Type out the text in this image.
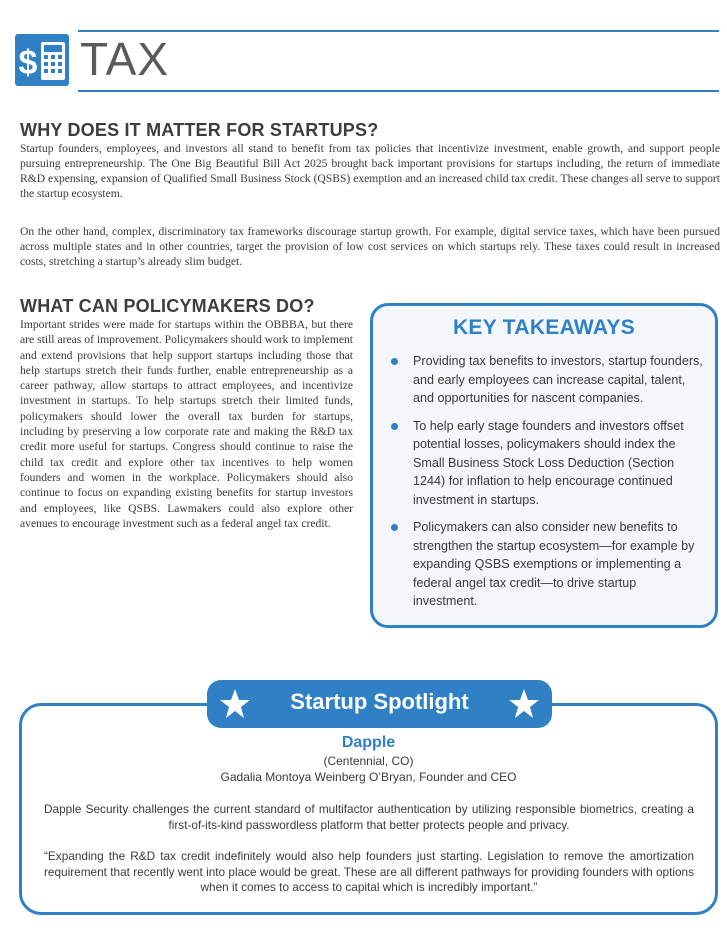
$ TAX
WHY DOES IT MATTER FOR STARTUPS?

Startup founders, employees, and investors all stand to benefit from tax policies that incentivize investment, enable growth, and support people pursuing entrepreneurship. The One Big Beautiful Bill Act 2025 brought back important provisions for startups including, the return of immediate R&D expensing, expansion of Qualified Small Business Stock (QSBS) exemption and an increased child tax credit. These changes all serve to support the startup ecosystem.

On the other hand, complex, discriminatory tax frameworks discourage startup growth. For example, digital service taxes, which have been pursued across multiple states and in other countries, target the provision of low cost services on which startups rely. These taxes could result in increased costs, stretching a startup’s already slim budget.

WHAT CAN POLICYMAKERS DO?

Important strides were made for startups within the OBBBA, but there are still areas of improvement. Policymakers should work to implement and extend provisions that help support startups including those that help startups stretch their funds further, enable entrepreneurship as a career pathway, allow startups to attract employees, and incentivize investment in startups. To help startups stretch their limited funds, policymakers should lower the overall tax burden for startups, including by preserving a low corporate rate and making the R&D tax credit more useful for startups. Congress should continue to raise the child tax credit and explore other tax incentives to help women founders and women in the workplace. Policymakers should also continue to focus on expanding existing benefits for startup investors and employees, like QSBS. Lawmakers could also explore other avenues to encourage investment such as a federal angel tax credit.

KEY TAKEAWAYS
Providing tax benefits to investors, startup founders, and early employees can increase capital, talent, and opportunities for nascent companies.
To help early stage founders and investors offset potential losses, policymakers should index the Small Business Stock Loss Deduction (Section 1244) for inflation to help encourage continued investment in startups.
Policymakers can also consider new benefits to strengthen the startup ecosystem—for example by expanding QSBS exemptions or implementing a federal angel tax credit—to drive startup investment.
Startup Spotlight
Dapple
(Centennial, CO)
Gadalia Montoya Weinberg O’Bryan, Founder and CEO

Dapple Security challenges the current standard of multifactor authentication by utilizing responsible biometrics, creating a first-of-its-kind passwordless platform that better protects people and privacy.

“Expanding the R&D tax credit indefinitely would also help founders just starting. Legislation to remove the amortization requirement that recently went into place would be great. These are all different pathways for providing founders with options when it comes to access to capital which is incredibly important.”
